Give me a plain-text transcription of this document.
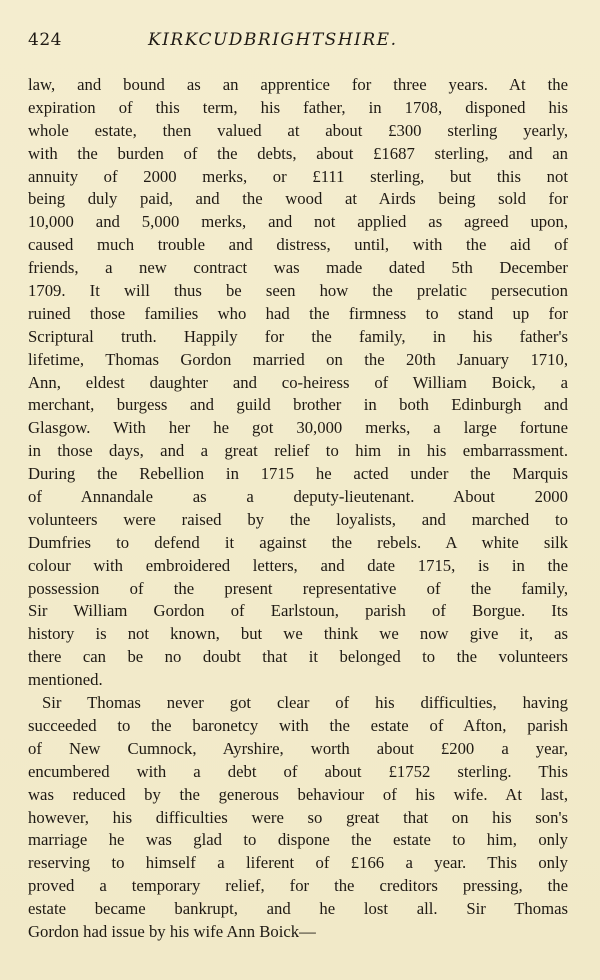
424	KIRKCUDBRIGHTSHIRE.
law, and bound as an apprentice for three years. At the
expiration of this term, his father, in 1708, disponed his
whole estate, then valued at about £300 sterling yearly,
with the burden of the debts, about £1687 sterling, and an
annuity of 2000 merks, or £111 sterling, but this not
being duly paid, and the wood at Airds being sold for
10,000 and 5,000 merks, and not applied as agreed upon,
caused much trouble and distress, until, with the aid of
friends, a new contract was made dated 5th December
1709. It will thus be seen how the prelatic persecution
ruined those families who had the firmness to stand up for
Scriptural truth. Happily for the family, in his father's
lifetime, Thomas Gordon married on the 20th January 1710,
Ann, eldest daughter and co-heiress of William Boick, a
merchant, burgess and guild brother in both Edinburgh and
Glasgow. With her he got 30,000 merks, a large fortune
in those days, and a great relief to him in his embarrassment.
During the Rebellion in 1715 he acted under the Marquis
of Annandale as a deputy-lieutenant. About 2000
volunteers were raised by the loyalists, and marched to
Dumfries to defend it against the rebels. A white silk
colour with embroidered letters, and date 1715, is in the
possession of the present representative of the family,
Sir William Gordon of Earlstoun, parish of Borgue. Its
history is not known, but we think we now give it, as
there can be no doubt that it belonged to the volunteers
mentioned.
Sir Thomas never got clear of his difficulties, having
succeeded to the baronetcy with the estate of Afton, parish
of New Cumnock, Ayrshire, worth about £200 a year,
encumbered with a debt of about £1752 sterling. This
was reduced by the generous behaviour of his wife. At last,
however, his difficulties were so great that on his son's
marriage he was glad to dispone the estate to him, only
reserving to himself a liferent of £166 a year. This only
proved a temporary relief, for the creditors pressing, the
estate became bankrupt, and he lost all. Sir Thomas
Gordon had issue by his wife Ann Boick—
